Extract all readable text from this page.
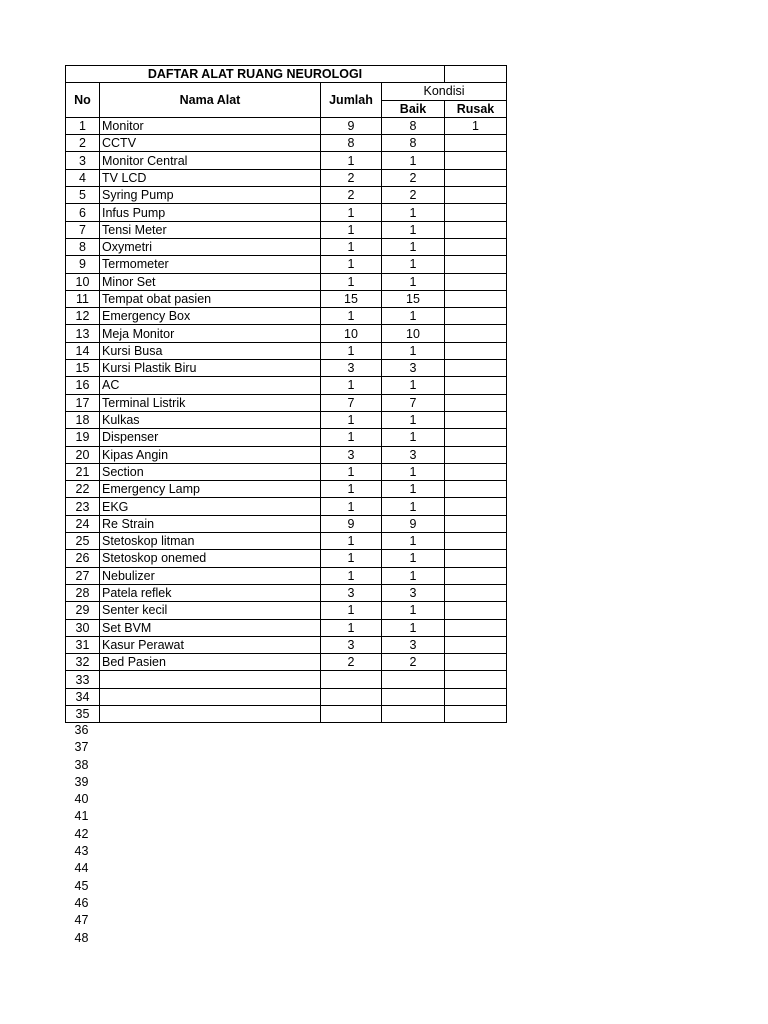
DAFTAR ALAT RUANG NEUROLOGI				
No	Nama Alat	Jumlah	Kondisi	
			Baik	Rusak
1	Monitor	9	8	1
2	CCTV	8	8	
3	Monitor Central	1	1	
4	TV LCD	2	2	
5	Syring Pump	2	2	
6	Infus Pump	1	1	
7	Tensi Meter	1	1	
8	Oxymetri	1	1	
9	Termometer	1	1	
10	Minor Set	1	1	
11	Tempat obat pasien	15	15	
12	Emergency Box	1	1	
13	Meja Monitor	10	10	
14	Kursi Busa	1	1	
15	Kursi Plastik Biru	3	3	
16	AC	1	1	
17	Terminal Listrik	7	7	
18	Kulkas	1	1	
19	Dispenser	1	1	
20	Kipas Angin	3	3	
21	Section	1	1	
22	Emergency Lamp	1	1	
23	EKG	1	1	
24	Re Strain	9	9	
25	Stetoskop litman	1	1	
26	Stetoskop onemed	1	1	
27	Nebulizer	1	1	
28	Patela reflek	3	3	
29	Senter kecil	1	1	
30	Set BVM	1	1	
31	Kasur Perawat	3	3	
32	Bed Pasien	2	2	
33				
34				
35				
36
37
38
39
40
41
42
43
44
45
46
47
48
